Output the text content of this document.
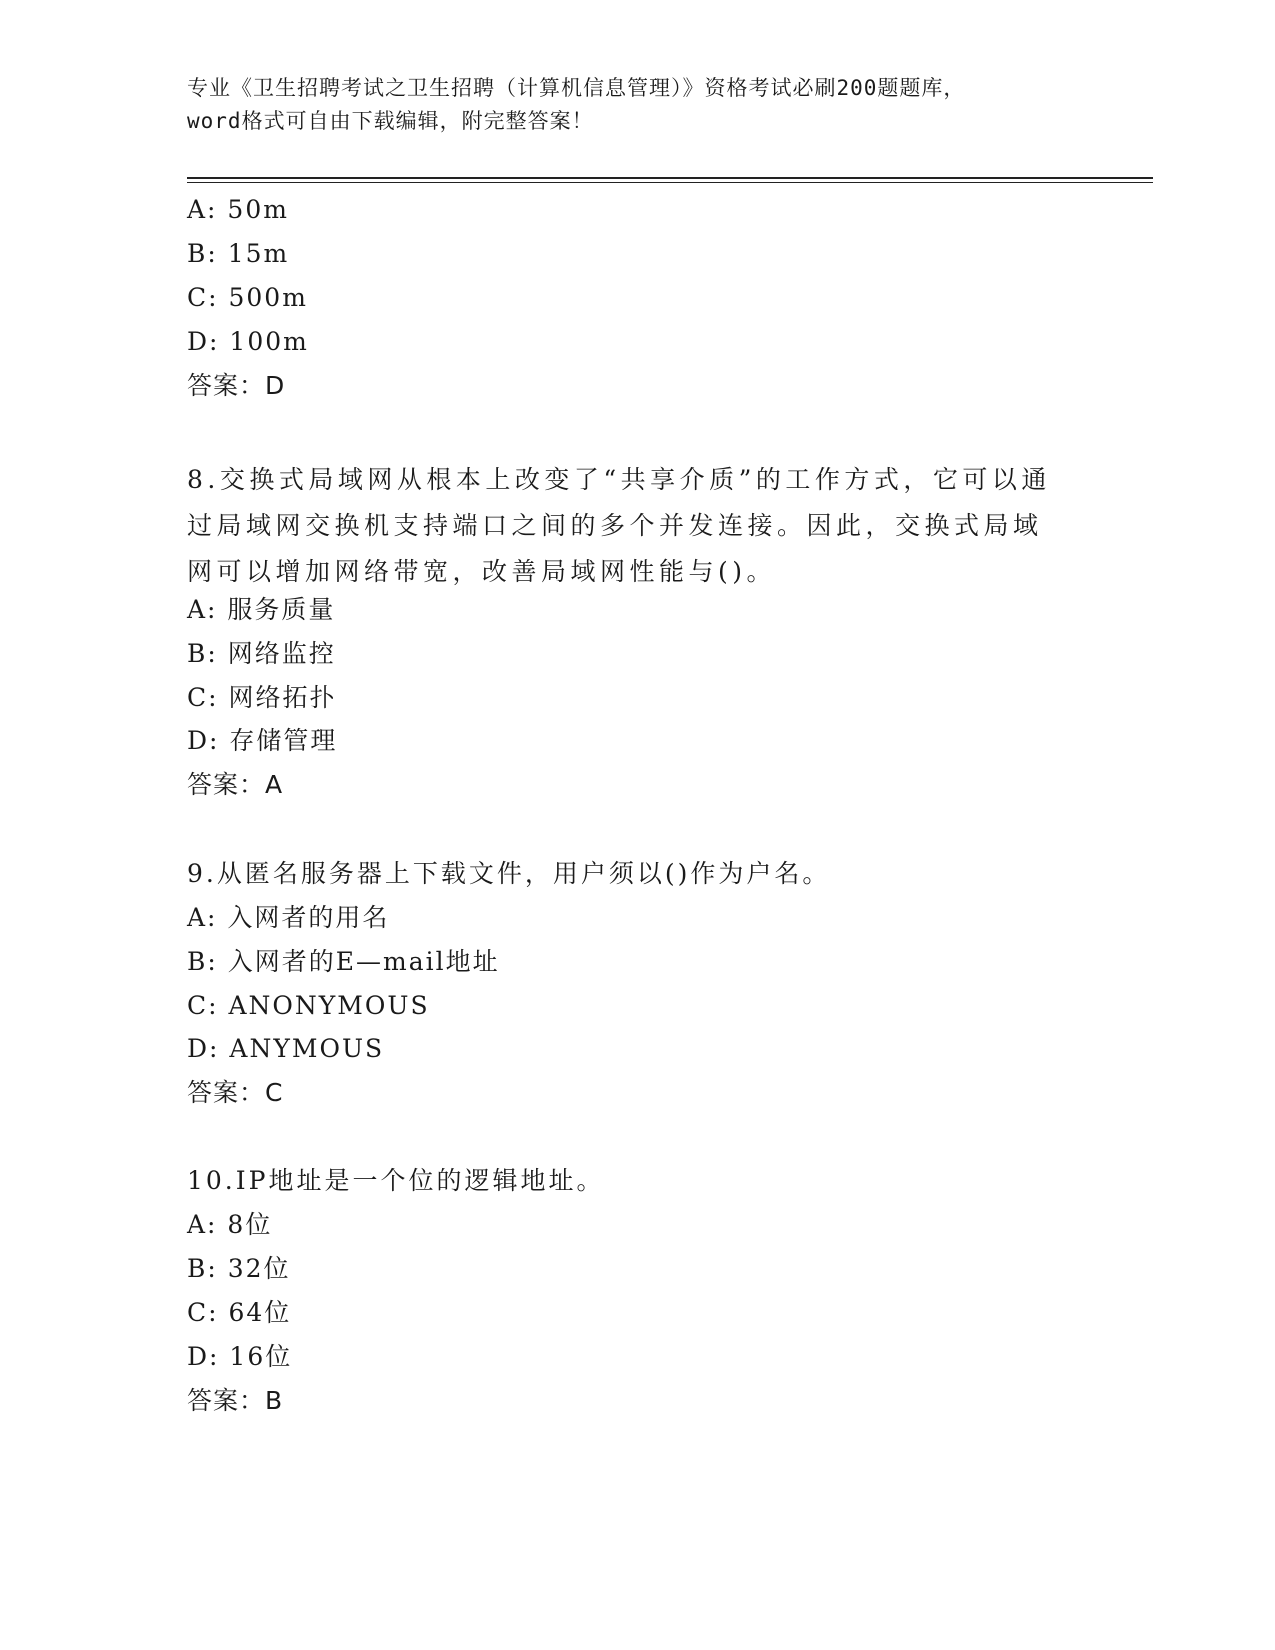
专业《卫生招聘考试之卫生招聘（计算机信息管理）》资格考试必刷200题题库，
word格式可自由下载编辑，附完整答案！
A: 50m
B: 15m
C: 500m
D: 100m
答案：D
8.交换式局域网从根本上改变了“共享介质”的工作方式，它可以通过局域网交换机支持端口之间的多个并发连接。因此，交换式局域网可以增加网络带宽，改善局域网性能与()。
A: 服务质量
B: 网络监控
C: 网络拓扑
D: 存储管理
答案：A
9.从匿名服务器上下载文件，用户须以()作为户名。
A: 入网者的用名
B: 入网者的E—mail地址
C: ANONYMOUS
D: ANYMOUS
答案：C
10.IP地址是一个位的逻辑地址。
A: 8位
B: 32位
C: 64位
D: 16位
答案：B
